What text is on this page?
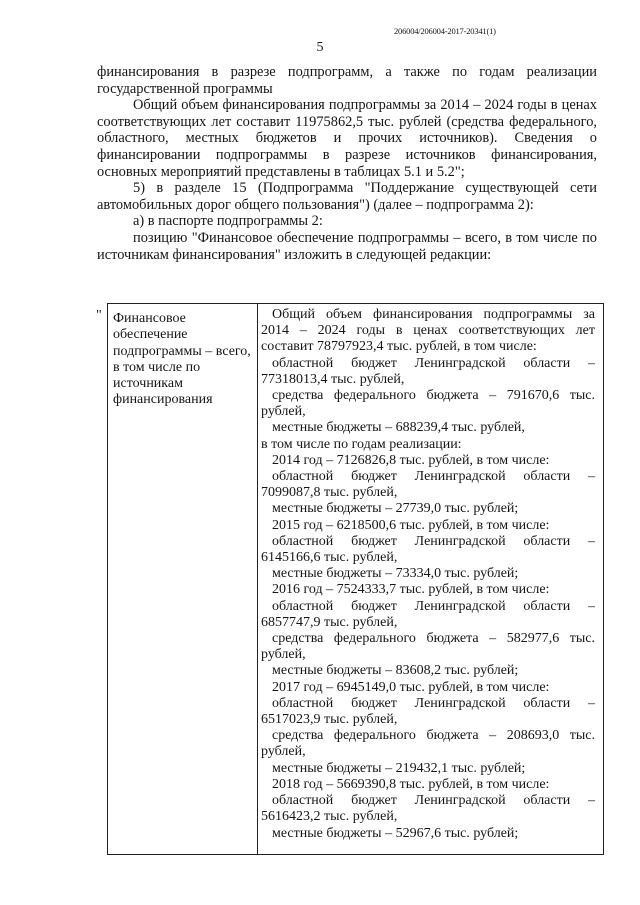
206004/206004-2017-20341(1)
5

финансирования в разрезе подпрограмм, а также по годам реализации государственной программы

Общий объем финансирования подпрограммы за 2014 – 2024 годы в ценах соответствующих лет составит 11975862,5 тыс. рублей (средства федерального, областного, местных бюджетов и прочих источников). Сведения о финансировании подпрограммы в разрезе источников финансирования, основных мероприятий представлены в таблицах 5.1 и 5.2";

5) в разделе 15 (Подпрограмма "Поддержание существующей сети автомобильных дорог общего пользования") (далее – подпрограмма 2):

а) в паспорте подпрограммы 2:

позицию "Финансовое обеспечение подпрограммы – всего, в том числе по источникам финансирования" изложить в следующей редакции:

" Финансовое обеспечение подпрограммы – всего, в том числе по источникам финансирования

Общий объем финансирования подпрограммы за 2014 – 2024 годы в ценах соответствующих лет составит 78797923,4 тыс. рублей, в том числе:

областной бюджет Ленинградской области – 77318013,4 тыс. рублей,

средства федерального бюджета – 791670,6 тыс. рублей,

местные бюджеты – 688239,4 тыс. рублей,

в том числе по годам реализации:

2014 год – 7126826,8 тыс. рублей, в том числе:

областной бюджет Ленинградской области – 7099087,8 тыс. рублей,

местные бюджеты – 27739,0 тыс. рублей;

2015 год – 6218500,6 тыс. рублей, в том числе:

областной бюджет Ленинградской области – 6145166,6 тыс. рублей,

местные бюджеты – 73334,0 тыс. рублей;

2016 год – 7524333,7 тыс. рублей, в том числе:

областной бюджет Ленинградской области – 6857747,9 тыс. рублей,

средства федерального бюджета – 582977,6 тыс. рублей,

местные бюджеты – 83608,2 тыс. рублей;

2017 год – 6945149,0 тыс. рублей, в том числе:

областной бюджет Ленинградской области – 6517023,9 тыс. рублей,

средства федерального бюджета – 208693,0 тыс. рублей,

местные бюджеты – 219432,1 тыс. рублей;

2018 год – 5669390,8 тыс. рублей, в том числе:

областной бюджет Ленинградской области – 5616423,2 тыс. рублей,

местные бюджеты – 52967,6 тыс. рублей;
